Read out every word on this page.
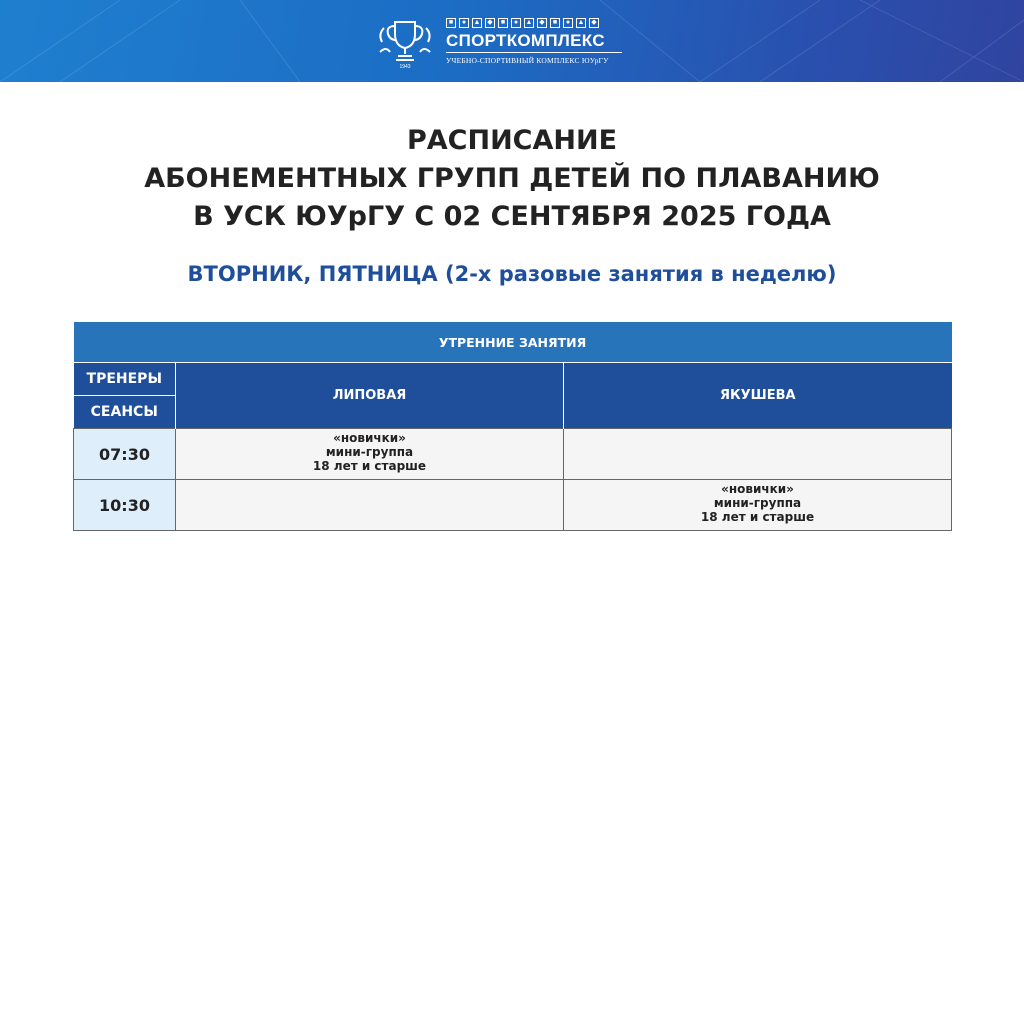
1943
■	●	▲ ◆	■	●	▲ ◆	■	●	▲ ◆
СПОРТКОМПЛЕКС
УЧЕБНО-СПОРТИВНЫЙ КОМПЛЕКС ЮУрГУ
РАСПИСАНИЕ
АБОНЕМЕНТНЫХ ГРУПП ДЕТЕЙ ПО ПЛАВАНИЮ
В УСК ЮУрГУ С 02 СЕНТЯБРЯ 2025 ГОДА
ВТОРНИК, ПЯТНИЦА (2-х разовые занятия в неделю)
УТРЕННИЕ ЗАНЯТИЯ		
ТРЕНЕРЫ	ЛИПОВАЯ	ЯКУШЕВА
СЕАНСЫ		
07:30	«новички»
мини-группа
18 лет и старше	

10:30		«новички»
мини-группа
18 лет и старше
